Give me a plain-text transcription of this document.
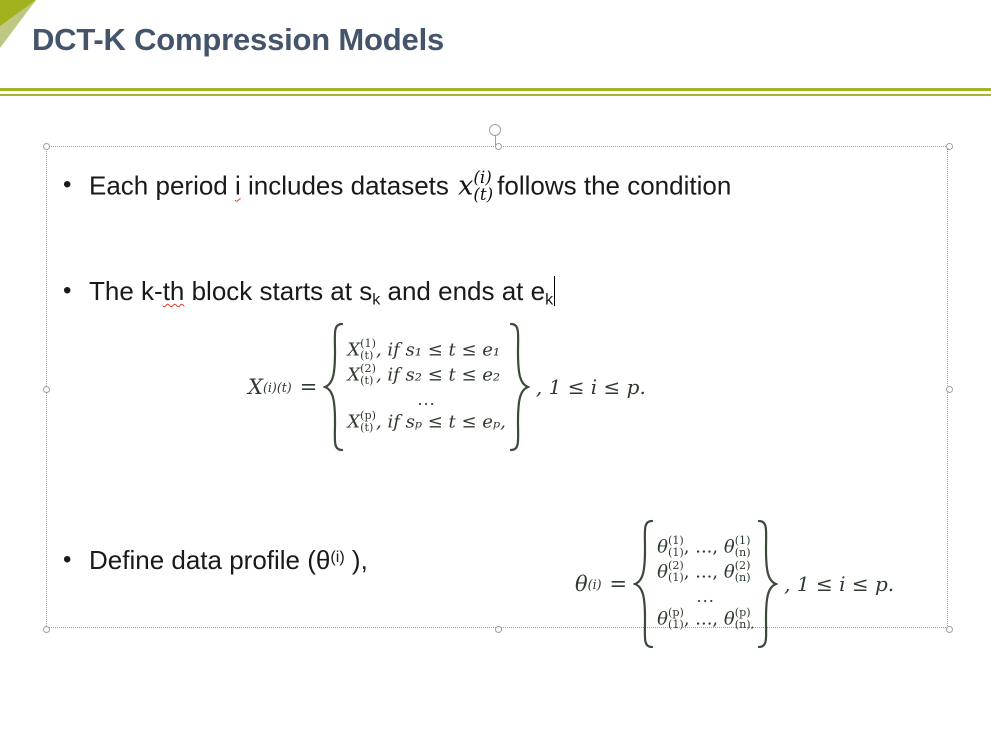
DCT-K Compression Models
• Each period i includes datasets x (i)
(t) follows the condition
• The k-th block starts at $s_k$ and ends at $e_k$
X(i)(t) =
X (1)
(t) , if s₁ ≤ t ≤ e₁
X (2)
(t) , if s₂ ≤ t ≤ e₂
...
X (p)
(t) , if sₚ ≤ t ≤ eₚ,
, 1 ≤ i ≤ p.
• Define data profile ($\theta^{(i)}$ ),
θ(i) =
θ (1)
(1) , ..., θ (1)
(n)
θ (2)
(1) , ..., θ (2)
(n)
...
θ (p)
(1) , ..., θ (p)
(n),
, 1 ≤ i ≤ p.
